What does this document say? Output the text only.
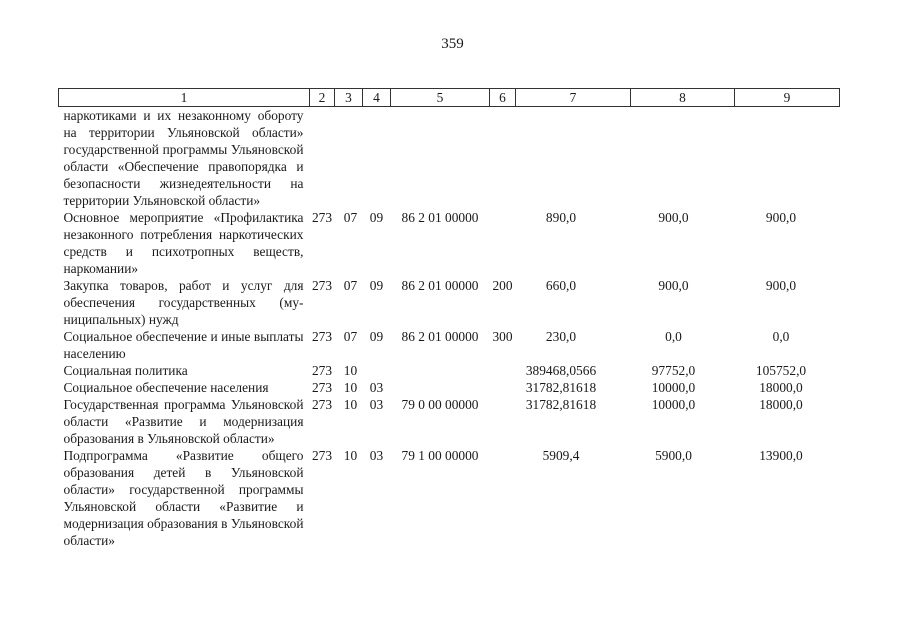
359
1	2	3	4	5	6	7	8	9
наркотиками и их незаконному обороту на территории Ульяновской области» государственной программы Ульяновской области «Обеспечение правопорядка и безопасности жизнедеятельности на территории Ульяновской области»								
Основное мероприятие «Профилактика незаконного потребления наркотических средств и психотропных веществ, наркомании»	273	07	09	86 2 01 00000		890,0	900,0	900,0
Закупка товаров, работ и услуг для обеспечения государственных (муниципальных) нужд	273	07	09	86 2 01 00000	200	660,0	900,0	900,0
Социальное обеспечение и иные выплаты населению	273	07	09	86 2 01 00000	300	230,0	0,0	0,0
Социальная политика	273	10				389468,0566	97752,0	105752,0
Социальное обеспечение населения	273	10	03			31782,81618	10000,0	18000,0
Государственная программа Ульяновской области «Развитие и модернизация образования в Ульяновской области»	273	10	03	79 0 00 00000		31782,81618	10000,0	18000,0
Подпрограмма «Развитие общего образования детей в Ульяновской области» государственной программы Ульяновской области «Развитие и модернизация образования в Ульяновской области»	273	10	03	79 1 00 00000		5909,4	5900,0	13900,0
